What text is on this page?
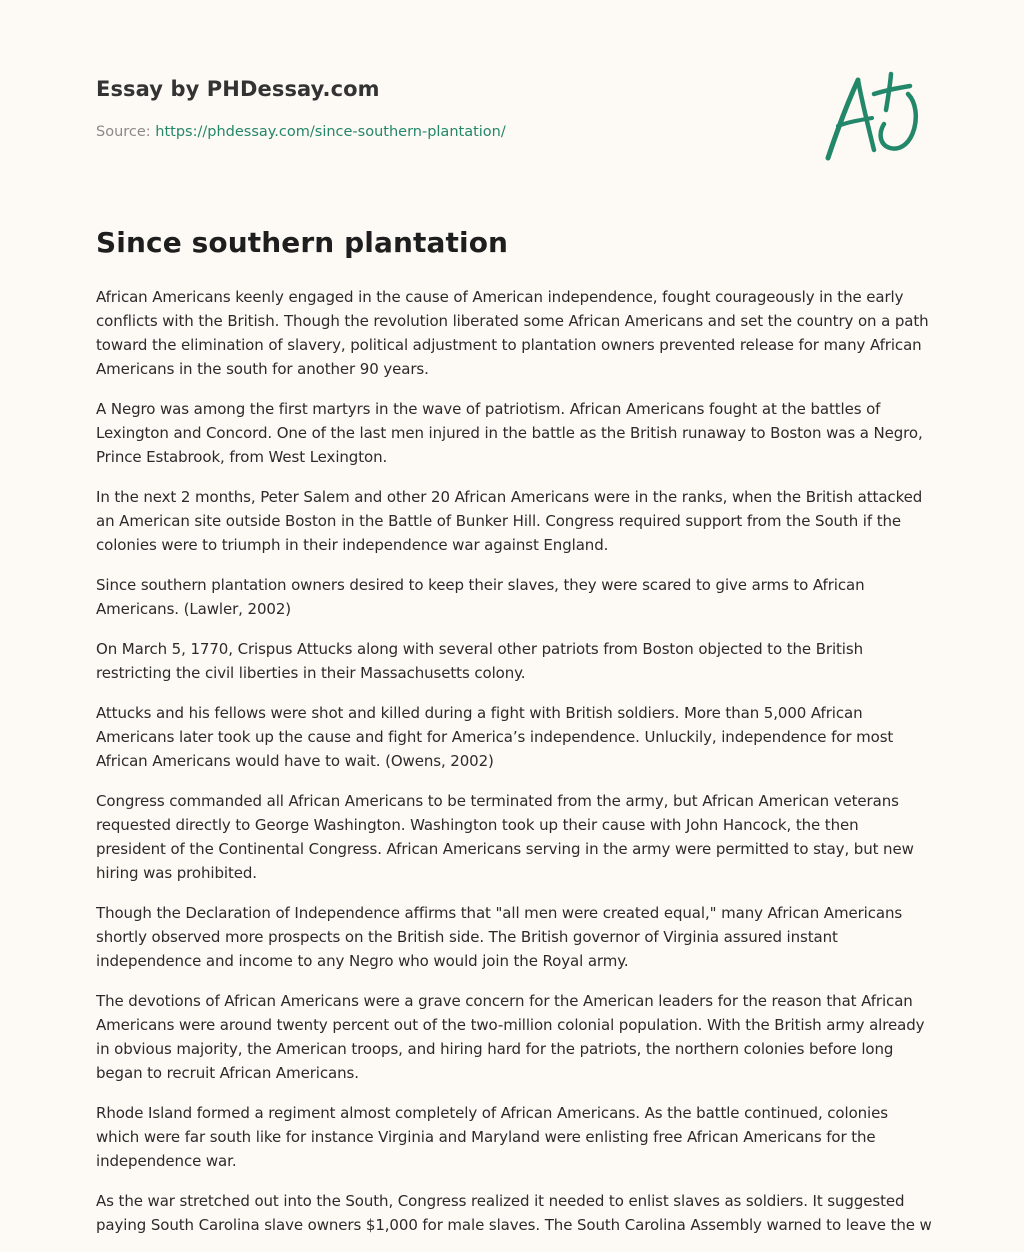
Essay by PHDessay.com

Source: https://phdessay.com/since-southern-plantation/

Since southern plantation

African Americans keenly engaged in the cause of American independence, fought courageously in the early conflicts with the British. Though the revolution liberated some African Americans and set the country on a path toward the elimination of slavery, political adjustment to plantation owners prevented release for many African Americans in the south for another 90 years.

A Negro was among the first martyrs in the wave of patriotism. African Americans fought at the battles of Lexington and Concord. One of the last men injured in the battle as the British runaway to Boston was a Negro, Prince Estabrook, from West Lexington.

In the next 2 months, Peter Salem and other 20 African Americans were in the ranks, when the British attacked an American site outside Boston in the Battle of Bunker Hill. Congress required support from the South if the colonies were to triumph in their independence war against England.

Since southern plantation owners desired to keep their slaves, they were scared to give arms to African Americans. (Lawler, 2002)

On March 5, 1770, Crispus Attucks along with several other patriots from Boston objected to the British restricting the civil liberties in their Massachusetts colony.

Attucks and his fellows were shot and killed during a fight with British soldiers. More than 5,000 African Americans later took up the cause and fight for America’s independence. Unluckily, independence for most African Americans would have to wait. (Owens, 2002)

Congress commanded all African Americans to be terminated from the army, but African American veterans requested directly to George Washington. Washington took up their cause with John Hancock, the then president of the Continental Congress. African Americans serving in the army were permitted to stay, but new hiring was prohibited.

Though the Declaration of Independence affirms that "all men were created equal," many African Americans shortly observed more prospects on the British side. The British governor of Virginia assured instant independence and income to any Negro who would join the Royal army.

The devotions of African Americans were a grave concern for the American leaders for the reason that African Americans were around twenty percent out of the two-million colonial population. With the British army already in obvious majority, the American troops, and hiring hard for the patriots, the northern colonies before long began to recruit African Americans.

Rhode Island formed a regiment almost completely of African Americans. As the battle continued, colonies which were far south like for instance Virginia and Maryland were enlisting free African Americans for the independence war.

As the war stretched out into the South, Congress realized it needed to enlist slaves as soldiers. It suggested
paying South Carolina slave owners $1,000 for male slaves. The South Carolina Assembly warned to leave the w
